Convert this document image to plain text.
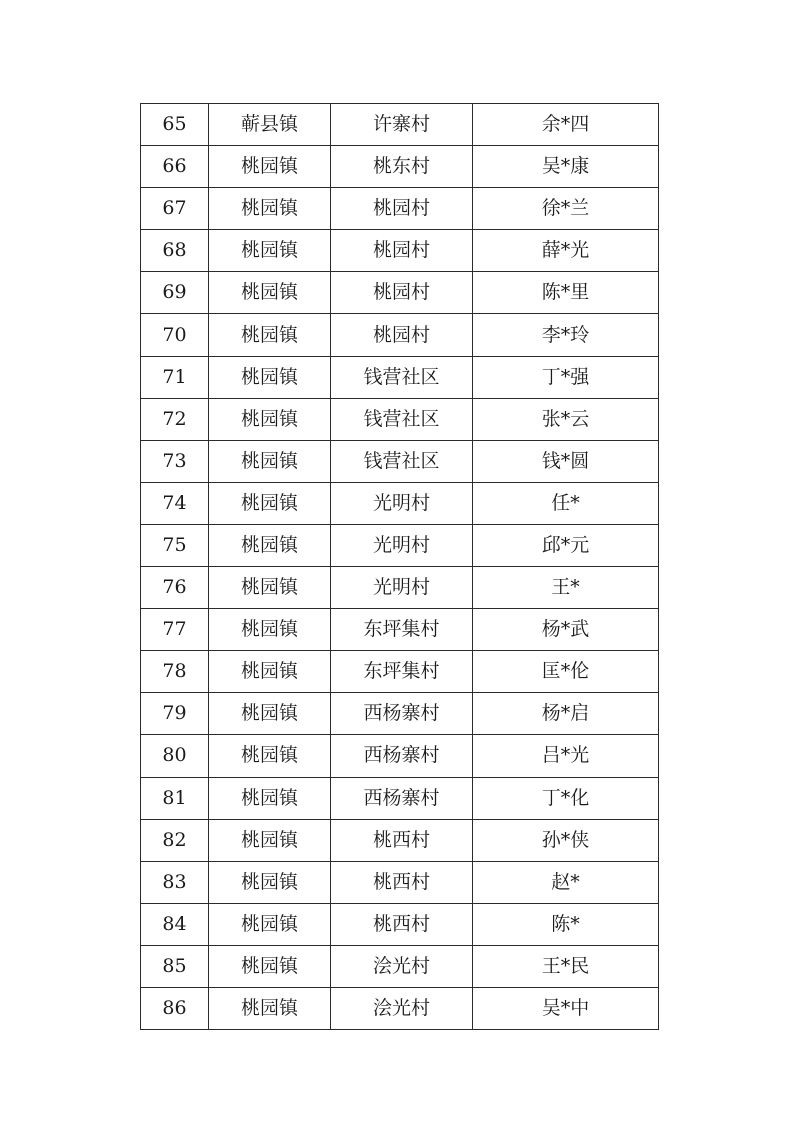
65	蕲县镇	许寨村	余*四
66	桃园镇	桃东村	吴*康
67	桃园镇	桃园村	徐*兰
68	桃园镇	桃园村	薛*光
69	桃园镇	桃园村	陈*里
70	桃园镇	桃园村	李*玲
71	桃园镇	钱营社区	丁*强
72	桃园镇	钱营社区	张*云
73	桃园镇	钱营社区	钱*圆
74	桃园镇	光明村	任*
75	桃园镇	光明村	邱*元
76	桃园镇	光明村	王*
77	桃园镇	东坪集村	杨*武
78	桃园镇	东坪集村	匡*伦
79	桃园镇	西杨寨村	杨*启
80	桃园镇	西杨寨村	吕*光
81	桃园镇	西杨寨村	丁*化
82	桃园镇	桃西村	孙*侠
83	桃园镇	桃西村	赵*
84	桃园镇	桃西村	陈*
85	桃园镇	浍光村	王*民
86	桃园镇	浍光村	吴*中
